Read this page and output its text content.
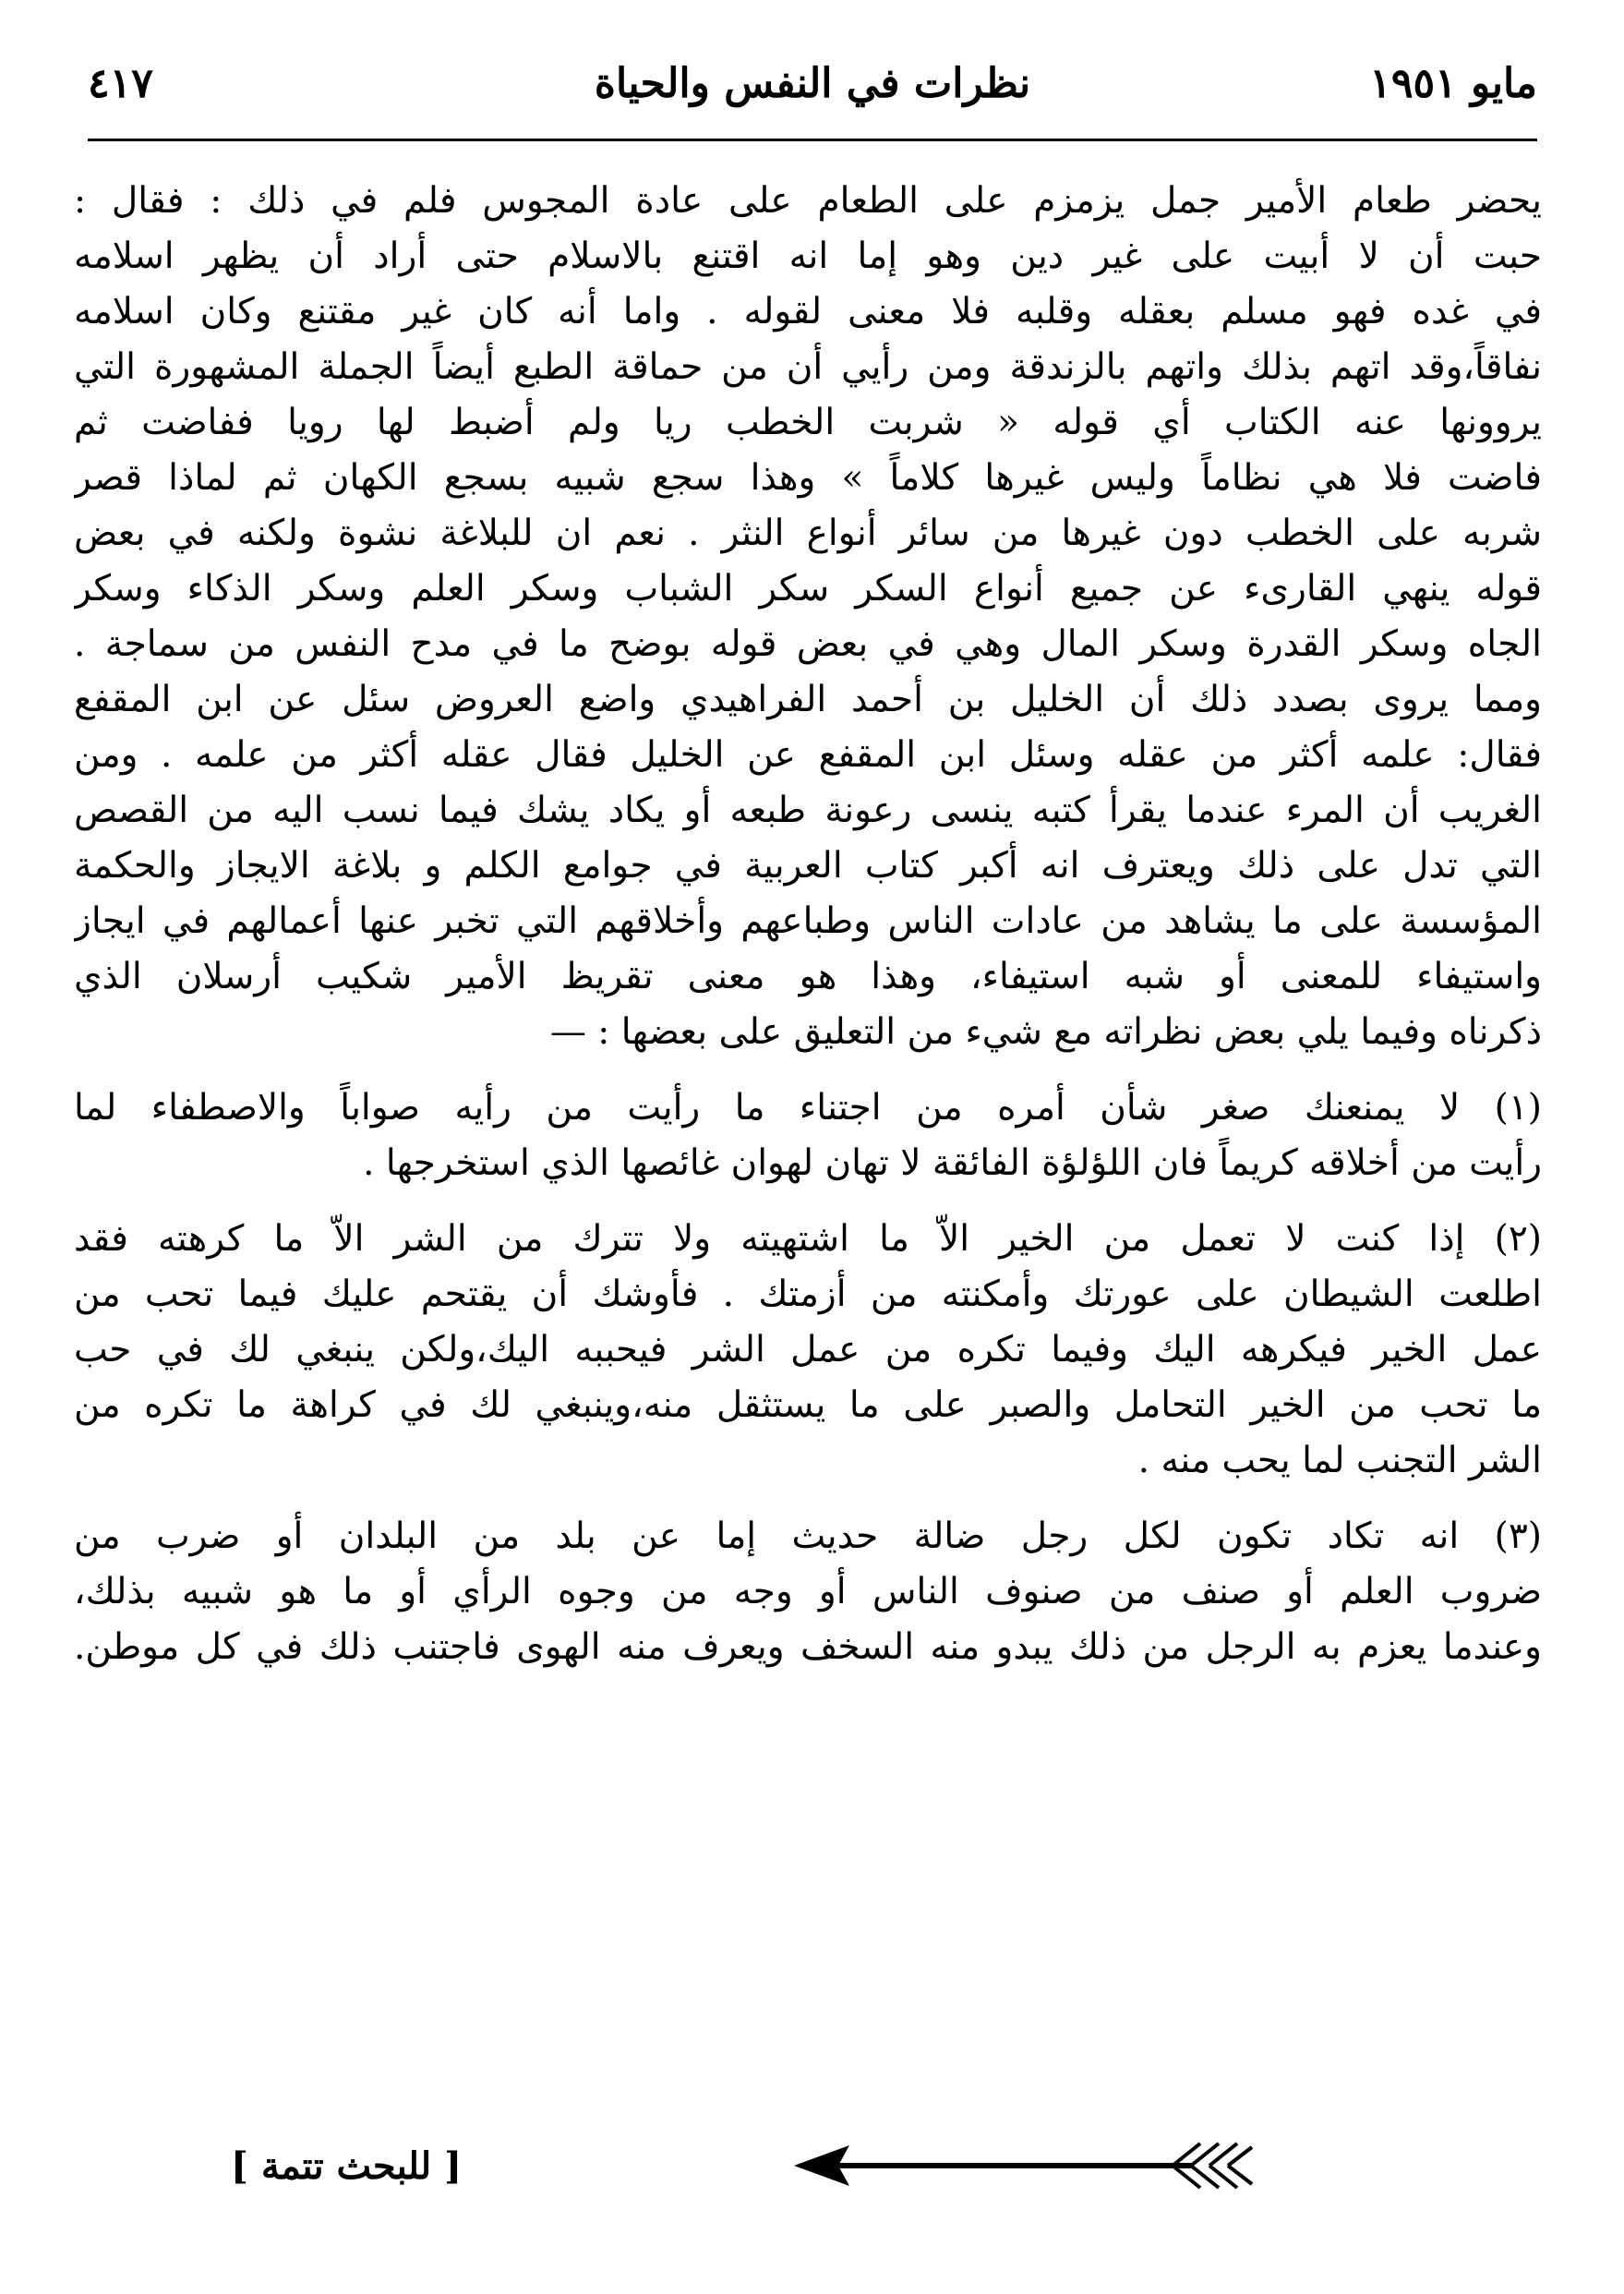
مايو ١٩٥١
نظرات في النفس والحياة
٤١٧
يحضر طعام الأمير جمل يزمزم على الطعام على عادة المجوس فلم في ذلك : فقال :
حبت أن لا أبيت على غير دين وهو إما انه اقتنع بالاسلام حتى أراد أن يظهر اسلامه
في غده فهو مسلم بعقله وقلبه فلا معنى لقوله . واما أنه كان غير مقتنع وكان اسلامه
نفاقاً،وقد اتهم بذلك واتهم بالزندقة ومن رأيي أن من حماقة الطبع أيضاً الجملة المشهورة التي
يروونها عنه الكتاب أي قوله « شربت الخطب ريا ولم أضبط لها رويا ففاضت ثم
فاضت فلا هي نظاماً وليس غيرها كلاماً » وهذا سجع شبيه بسجع الكهان ثم لماذا قصر
شربه على الخطب دون غيرها من سائر أنواع النثر . نعم ان للبلاغة نشوة ولكنه في بعض
قوله ينهي القارىء عن جميع أنواع السكر سكر الشباب وسكر العلم وسكر الذكاء وسكر
الجاه وسكر القدرة وسكر المال وهي في بعض قوله بوضح ما في مدح النفس من سماجة .
ومما يروى بصدد ذلك أن الخليل بن أحمد الفراهيدي واضع العروض سئل عن ابن المقفع
فقال: علمه أكثر من عقله وسئل ابن المقفع عن الخليل فقال عقله أكثر من علمه . ومن
الغريب أن المرء عندما يقرأ كتبه ينسى رعونة طبعه أو يكاد يشك فيما نسب اليه من القصص
التي تدل على ذلك ويعترف انه أكبر كتاب العربية في جوامع الكلم و بلاغة الايجاز والحكمة
المؤسسة على ما يشاهد من عادات الناس وطباعهم وأخلاقهم التي تخبر عنها أعمالهم في ايجاز
واستيفاء للمعنى أو شبه استيفاء، وهذا هو معنى تقريظ الأمير شكيب أرسلان الذي
ذكرناه وفيما يلي بعض نظراته مع شيء من التعليق على بعضها : —
(١) لا يمنعنك صغر شأن أمره من اجتناء ما رأيت من رأيه صواباً والاصطفاء لما
رأيت من أخلاقه كريماً فان اللؤلؤة الفائقة لا تهان لهوان غائصها الذي استخرجها .
(٢) إذا كنت لا تعمل من الخير الاّ ما اشتهيته ولا تترك من الشر الاّ ما كرهته فقد
اطلعت الشيطان على عورتك وأمكنته من أزمتك . فأوشك أن يقتحم عليك فيما تحب من
عمل الخير فيكرهه اليك وفيما تكره من عمل الشر فيحببه اليك،ولكن ينبغي لك في حب
ما تحب من الخير التحامل والصبر على ما يستثقل منه،وينبغي لك في كراهة ما تكره من
الشر التجنب لما يحب منه .
(٣) انه تكاد تكون لكل رجل ضالة حديث إما عن بلد من البلدان أو ضرب من
ضروب العلم أو صنف من صنوف الناس أو وجه من وجوه الرأي أو ما هو شبيه بذلك،
وعندما يعزم به الرجل من ذلك يبدو منه السخف ويعرف منه الهوى فاجتنب ذلك في كل موطن.
[ للبحث تتمة ]
